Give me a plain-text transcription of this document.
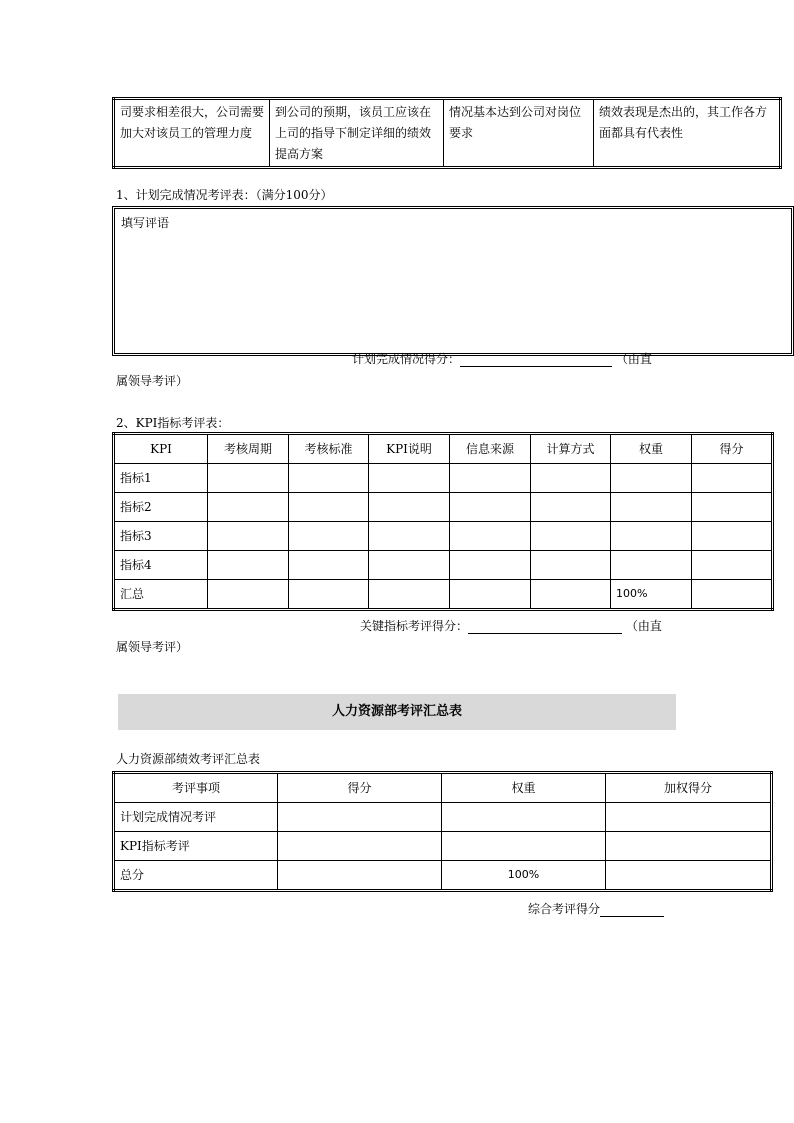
司要求相差很大，公司需要加大对该员工的管理力度	到公司的预期，该员工应该在上司的指导下制定详细的绩效提高方案	情况基本达到公司对岗位要求	绩效表现是杰出的，其工作各方面都具有代表性
1、计划完成情况考评表：（满分100分）
填写评语
计划完成情况得分：	（由直
属领导考评）
2、KPI指标考评表：
KPI	考核周期	考核标准	KPI说明	信息来源	计算方式	权重	得分
指标1							
指标2							
指标3							
指标4							
汇总						100%	
关键指标考评得分：	（由直
属领导考评）
人力资源部考评汇总表
人力资源部绩效考评汇总表
考评事项	得分	权重	加权得分
计划完成情况考评			
KPI指标考评			
总分		100%	
综合考评得分
